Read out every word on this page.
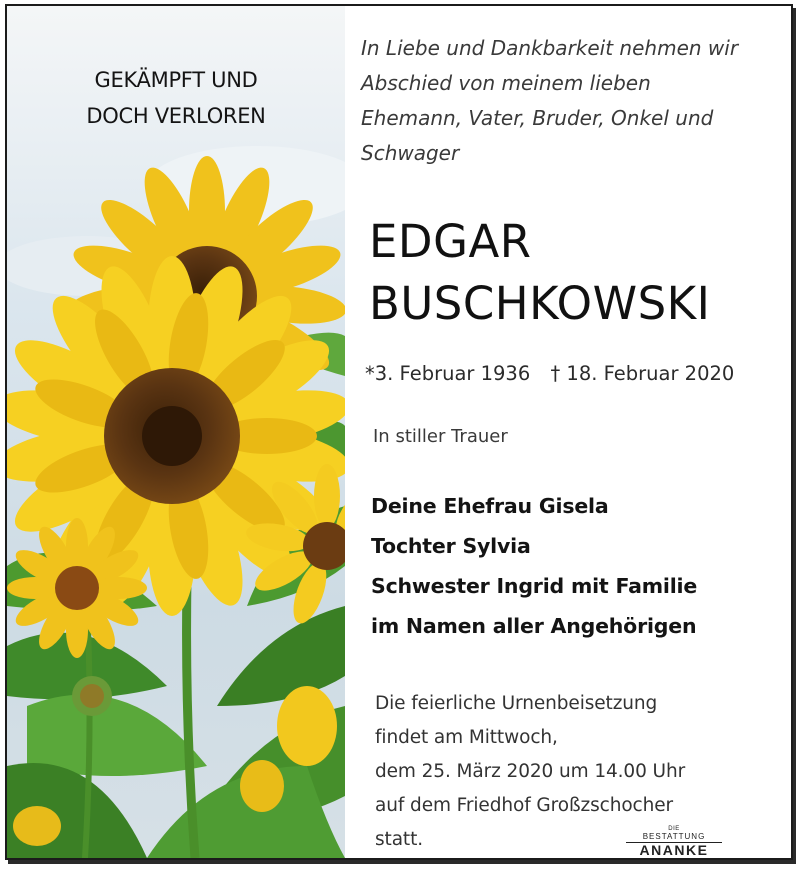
GEKÄMPFT UND
DOCH VERLOREN
In Liebe und Dankbarkeit nehmen wir
Abschied von meinem lieben
Ehemann, Vater, Bruder, Onkel und
Schwager
EDGAR
BUSCHKOWSKI
*3. Februar 1936 † 18. Februar 2020
In stiller Trauer
Deine Ehefrau Gisela
Tochter Sylvia
Schwester Ingrid mit Familie
im Namen aller Angehörigen
Die feierliche Urnenbeisetzung
findet am Mittwoch,
dem 25. März 2020 um 14.00 Uhr
auf dem Friedhof Großzschocher
statt.	DIE
BESTATTUNG
ANANKE
